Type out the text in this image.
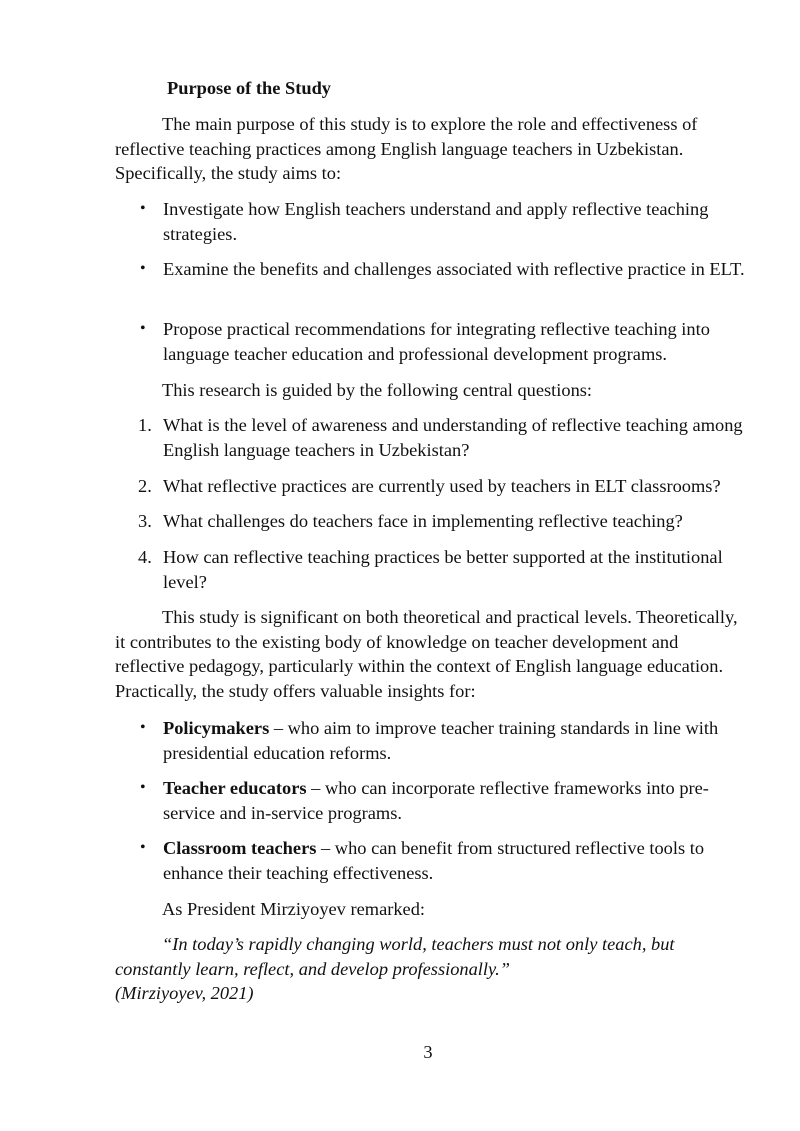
Purpose of the Study

The main purpose of this study is to explore the role and effectiveness of reflective teaching practices among English language teachers in Uzbekistan. Specifically, the study aims to:

• Investigate how English teachers understand and apply reflective teaching strategies.
• Examine the benefits and challenges associated with reflective practice in ELT.
• Propose practical recommendations for integrating reflective teaching into language teacher education and professional development programs.

This research is guided by the following central questions:

1. What is the level of awareness and understanding of reflective teaching among English language teachers in Uzbekistan?
2. What reflective practices are currently used by teachers in ELT classrooms?
3. What challenges do teachers face in implementing reflective teaching?
4. How can reflective teaching practices be better supported at the institutional level?

This study is significant on both theoretical and practical levels. Theoretically, it contributes to the existing body of knowledge on teacher development and reflective pedagogy, particularly within the context of English language education. Practically, the study offers valuable insights for:

• Policymakers – who aim to improve teacher training standards in line with presidential education reforms.
• Teacher educators – who can incorporate reflective frameworks into pre-service and in-service programs.
• Classroom teachers – who can benefit from structured reflective tools to enhance their teaching effectiveness.

As President Mirziyoyev remarked:

“In today’s rapidly changing world, teachers must not only teach, but constantly learn, reflect, and develop professionally.”
(Mirziyoyev, 2021)
3
